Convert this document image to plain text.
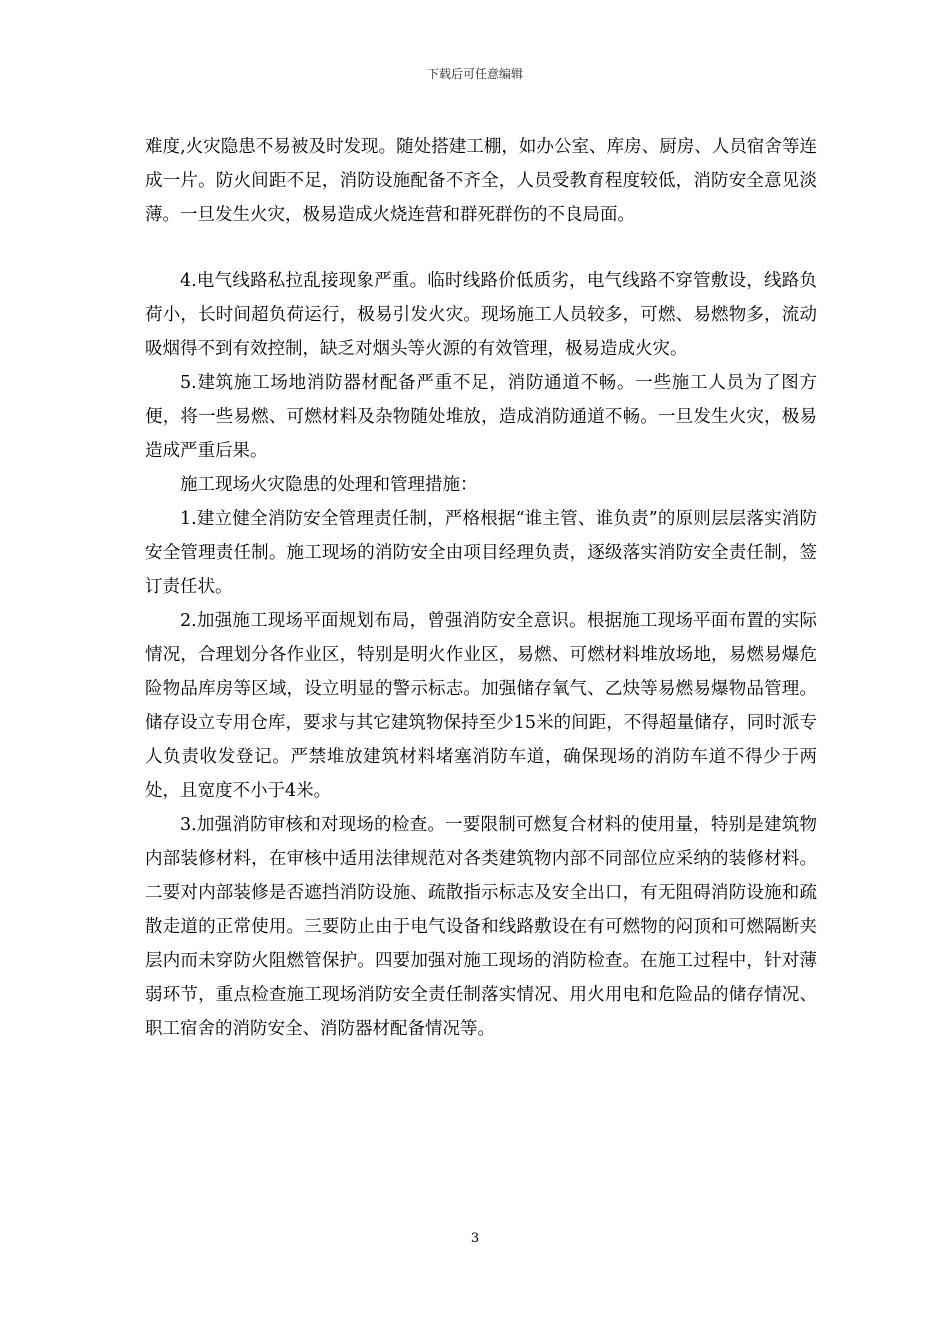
下载后可任意编辑

难度,火灾隐患不易被及时发现。随处搭建工棚，如办公室、库房、厨房、人员宿舍等连成一片。防火间距不足，消防设施配备不齐全，人员受教育程度较低，消防安全意见淡薄。一旦发生火灾，极易造成火烧连营和群死群伤的不良局面。

4.电气线路私拉乱接现象严重。临时线路价低质劣，电气线路不穿管敷设，线路负荷小，长时间超负荷运行，极易引发火灾。现场施工人员较多，可燃、易燃物多，流动吸烟得不到有效控制，缺乏对烟头等火源的有效管理，极易造成火灾。

5.建筑施工场地消防器材配备严重不足，消防通道不畅。一些施工人员为了图方便，将一些易燃、可燃材料及杂物随处堆放，造成消防通道不畅。一旦发生火灾，极易造成严重后果。

施工现场火灾隐患的处理和管理措施：

1.建立健全消防安全管理责任制，严格根据“谁主管、谁负责”的原则层层落实消防安全管理责任制。施工现场的消防安全由项目经理负责，逐级落实消防安全责任制，签订责任状。

2.加强施工现场平面规划布局，曾强消防安全意识。根据施工现场平面布置的实际情况，合理划分各作业区，特别是明火作业区，易燃、可燃材料堆放场地，易燃易爆危险物品库房等区域，设立明显的警示标志。加强储存氧气、乙炔等易燃易爆物品管理。储存设立专用仓库，要求与其它建筑物保持至少15米的间距，不得超量储存，同时派专人负责收发登记。严禁堆放建筑材料堵塞消防车道，确保现场的消防车道不得少于两处，且宽度不小于4米。

3.加强消防审核和对现场的检查。一要限制可燃复合材料的使用量，特别是建筑物内部装修材料，在审核中适用法律规范对各类建筑物内部不同部位应采纳的装修材料。二要对内部装修是否遮挡消防设施、疏散指示标志及安全出口，有无阻碍消防设施和疏散走道的正常使用。三要防止由于电气设备和线路敷设在有可燃物的闷顶和可燃隔断夹层内而未穿防火阻燃管保护。四要加强对施工现场的消防检查。在施工过程中，针对薄弱环节，重点检查施工现场消防安全责任制落实情况、用火用电和危险品的储存情况、职工宿舍的消防安全、消防器材配备情况等。

3
